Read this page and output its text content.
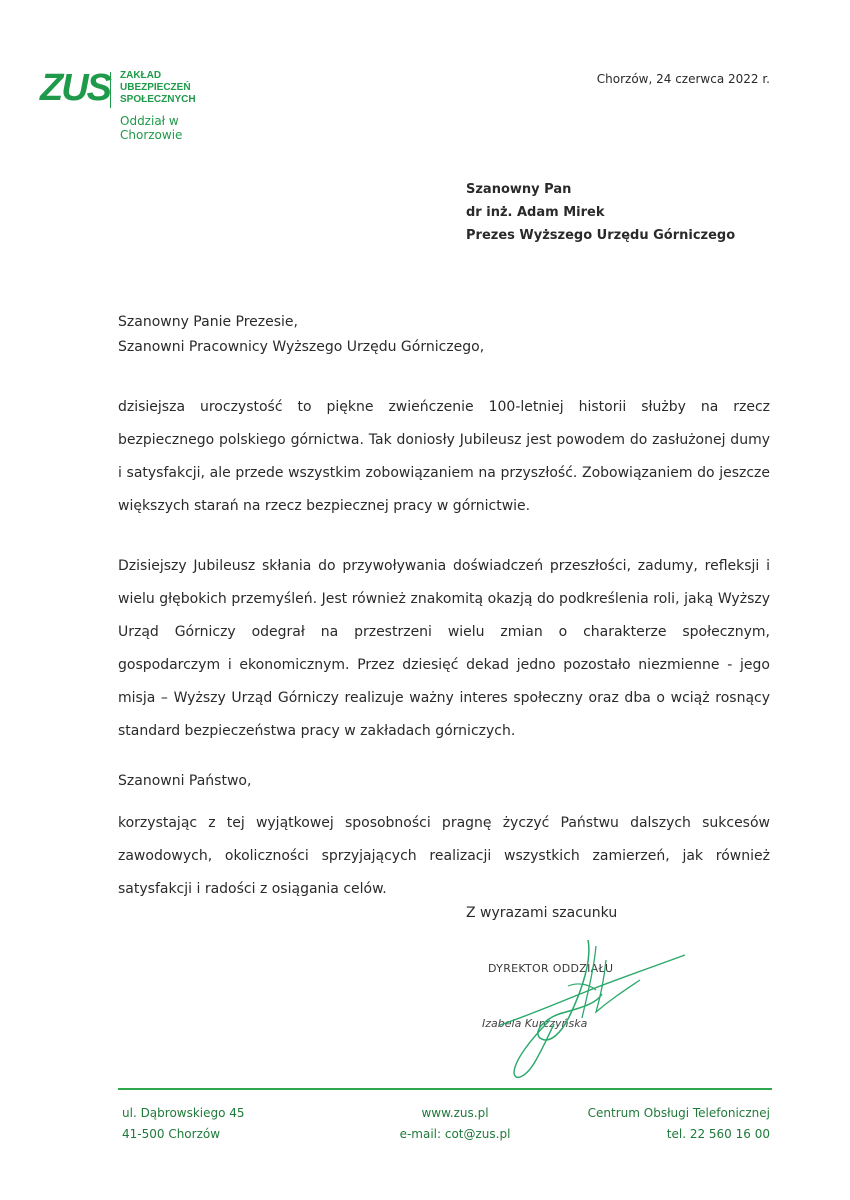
ZUS ZAKŁAD
UBEZPIECZEŃ
SPOŁECZNYCH
Oddział w Chorzowie
Chorzów, 24 czerwca 2022 r.
Szanowny Pan
dr inż. Adam Mirek
Prezes Wyższego Urzędu Górniczego
Szanowny Panie Prezesie,
Szanowni Pracownicy Wyższego Urzędu Górniczego,
dzisiejsza uroczystość to piękne zwieńczenie 100-letniej historii służby na rzecz bezpiecznego polskiego górnictwa. Tak doniosły Jubileusz jest powodem do zasłużonej dumy i satysfakcji, ale przede wszystkim zobowiązaniem na przyszłość. Zobowiązaniem do jeszcze większych starań na rzecz bezpiecznej pracy w górnictwie.
Dzisiejszy Jubileusz skłania do przywoływania doświadczeń przeszłości, zadumy, refleksji i wielu głębokich przemyśleń. Jest również znakomitą okazją do podkreślenia roli, jaką Wyższy Urząd Górniczy odegrał na przestrzeni wielu zmian o charakterze społecznym, gospodarczym i ekonomicznym. Przez dziesięć dekad jedno pozostało niezmienne - jego misja – Wyższy Urząd Górniczy realizuje ważny interes społeczny oraz dba o wciąż rosnący standard bezpieczeństwa pracy w zakładach górniczych.
Szanowni Państwo,
korzystając z tej wyjątkowej sposobności pragnę życzyć Państwu dalszych sukcesów zawodowych, okoliczności sprzyjających realizacji wszystkich zamierzeń, jak również satysfakcji i radości z osiągania celów.
Z wyrazami szacunku
DYREKTOR ODDZIAŁU
Izabela Kurczyńska
ul. Dąbrowskiego 45
41-500 Chorzów
www.zus.pl
e-mail: cot@zus.pl
Centrum Obsługi Telefonicznej
tel. 22 560 16 00
